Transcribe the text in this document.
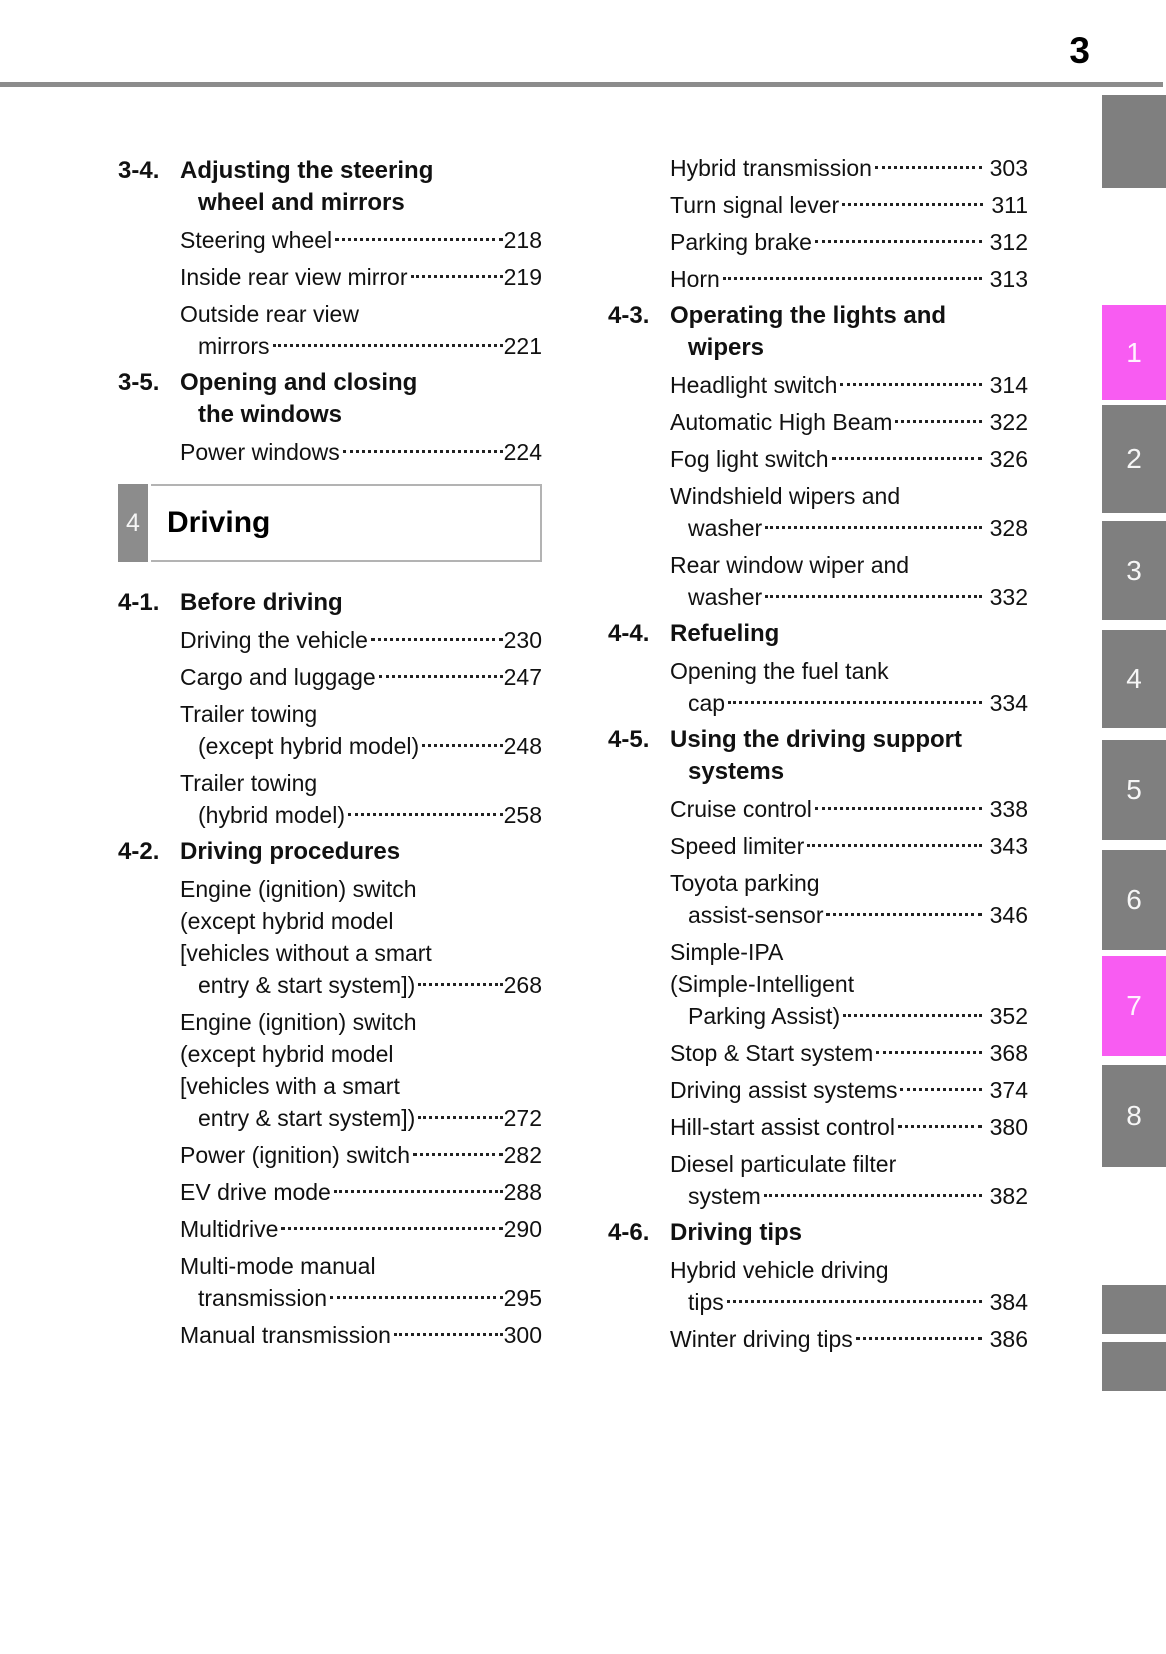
3
3-4. Adjusting the steering
wheel and mirrors
Steering wheel	218
Inside rear view mirror	219
Outside rear view
mirrors	221
3-5. Opening and closing
the windows
Power windows	224
4 Driving
4-1. Before driving
Driving the vehicle	230
Cargo and luggage	247
Trailer towing
(except hybrid model)	248
Trailer towing
(hybrid model)	258
4-2. Driving procedures
Engine (ignition) switch
(except hybrid model
[vehicles without a smart
entry & start system])	268
Engine (ignition) switch
(except hybrid model
[vehicles with a smart
entry & start system])	272
Power (ignition) switch	282
EV drive mode	288
Multidrive	290
Multi-mode manual
transmission	295
Manual transmission	300
Hybrid transmission	303
Turn signal lever	311
Parking brake	312
Horn	313
4-3. Operating the lights and
wipers
Headlight switch	314
Automatic High Beam	322
Fog light switch	326
Windshield wipers and
washer	328
Rear window wiper and
washer	332
4-4. Refueling
Opening the fuel tank
cap	334
4-5. Using the driving support
systems
Cruise control	338
Speed limiter	343
Toyota parking
assist-sensor	346
Simple-IPA
(Simple-Intelligent
Parking Assist)	352
Stop & Start system	368
Driving assist systems	374
Hill-start assist control	380
Diesel particulate filter
system	382
4-6. Driving tips
Hybrid vehicle driving
tips	384
Winter driving tips	386
1
2
3
4
5
6
7
8
